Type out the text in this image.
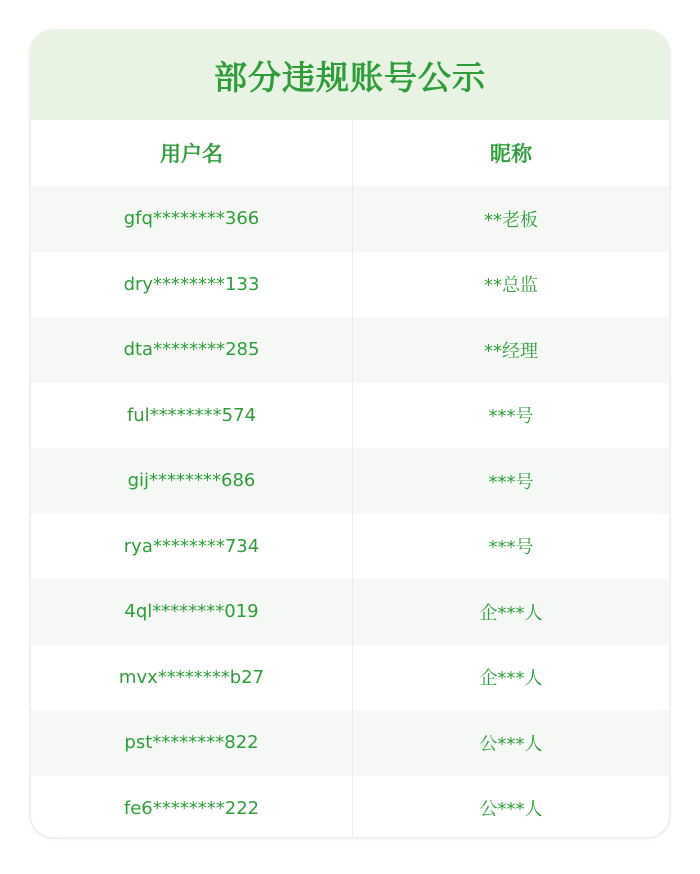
部分违规账号公示
用户名	昵称
gfq********366	**老板
dry********133	**总监
dta********285	**经理
ful********574	***号
gij********686	***号
rya********734	***号
4ql********019	企***人
mvx********b27	企***人
pst********822	公***人
fe6********222	公***人
